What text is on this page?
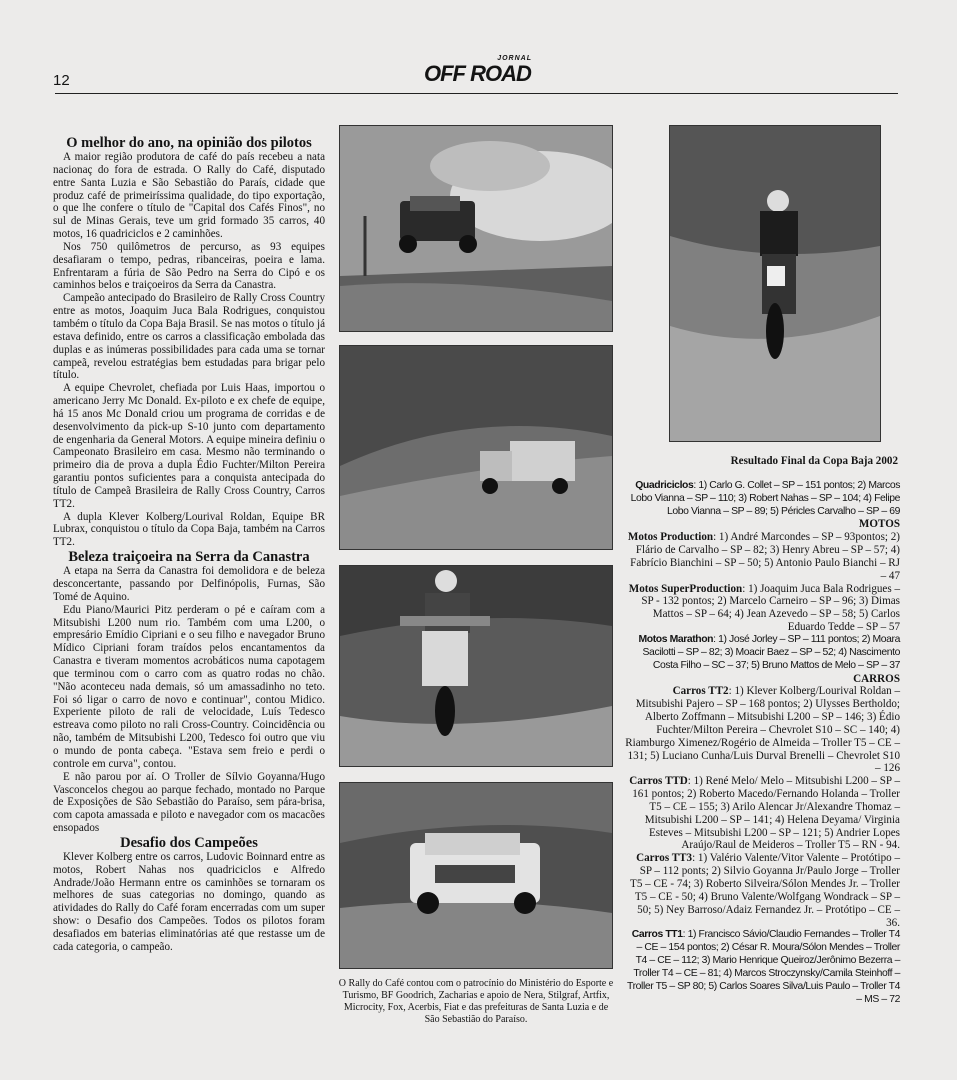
12
JORNAL
OFF ROAD
O melhor do ano, na opinião dos pilotos

A maior região produtora de café do país recebeu a nata nacionaç do fora de estrada. O Rally do Café, disputado entre Santa Luzia e São Sebastião do Paraís, cidade que produz café de primeiríssima qualidade, do tipo exportação, o que lhe confere o título de "Capital dos Cafés Finos", no sul de Minas Gerais, teve um grid formado 35 carros, 40 motos, 16 quadriciclos e 2 caminhões.

Nos 750 quilômetros de percurso, as 93 equipes desafiaram o tempo, pedras, ribanceiras, poeira e lama. Enfrentaram a fúria de São Pedro na Serra do Cipó e os caminhos belos e traiçoeiros da Serra da Canastra.

Campeão antecipado do Brasileiro de Rally Cross Country entre as motos, Joaquim Juca Bala Rodrigues, conquistou também o título da Copa Baja Brasil. Se nas motos o título já estava definido, entre os carros a classificação embolada das duplas e as inúmeras possibilidades para cada uma se tornar campeã, revelou estratégias bem estudadas para brigar pelo título.

A equipe Chevrolet, chefiada por Luis Haas, importou o americano Jerry Mc Donald. Ex-piloto e ex chefe de equipe, há 15 anos Mc Donald criou um programa de corridas e de desenvolvimento da pick-up S-10 junto com departamento de engenharia da General Motors. A equipe mineira definiu o Campeonato Brasileiro em casa. Mesmo não terminando o primeiro dia de prova a dupla Édio Fuchter/Milton Pereira garantiu pontos suficientes para a conquista antecipada do título de Campeã Brasileira de Rally Cross Country, Carros TT2.

A dupla Klever Kolberg/Lourival Roldan, Equipe BR Lubrax, conquistou o título da Copa Baja, também na Carros TT2.

Beleza traiçoeira na Serra da Canastra

A etapa na Serra da Canastra foi demolidora e de beleza desconcertante, passando por Delfinópolis, Furnas, São Tomé de Aquino.

Edu Piano/Maurici Pitz perderam o pé e caíram com a Mitsubishi L200 num rio. Também com uma L200, o empresário Emídio Cipriani e o seu filho e navegador Bruno Mídico Cipriani foram traídos pelos encantamentos da Canastra e tiveram momentos acrobáticos numa capotagem que terminou com o carro com as quatro rodas no chão. "Não aconteceu nada demais, só um amassadinho no teto. Foi só ligar o carro de novo e continuar", contou Midico. Experiente piloto de rali de velocidade, Luís Tedesco estreava como piloto no rali Cross-Country. Coincidência ou não, também de Mitsubishi L200, Tedesco foi outro que viu o mundo de ponta cabeça. "Estava sem freio e perdi o controle em curva", contou.

E não parou por aí. O Troller de Sílvio Goyanna/Hugo Vasconcelos chegou ao parque fechado, montado no Parque de Exposições de São Sebastião do Paraíso, sem pára-brisa, com capota amassada e piloto e navegador com os macacões ensopados

Desafio dos Campeões

Klever Kolberg entre os carros, Ludovic Boinnard entre as motos, Robert Nahas nos quadriciclos e Alfredo Andrade/João Hermann entre os caminhões se tornaram os melhores de suas categorias no domingo, quando as atividades do Rally do Café foram encerradas com um super show: o Desafio dos Campeões. Todos os pilotos foram desafiados em baterias eliminatórias até que restasse um de cada categoria, o campeão.

O Rally do Café contou com o patrocínio do Ministério do Esporte e Turismo, BF Goodrich, Zacharias e apoio de Nera, Stilgraf, Artfix, Microcity, Fox, Acerbis, Fiat e das prefeituras de Santa Luzia e de São Sebastião do Paraíso.
Resultado Final da Copa Baja 2002

Quadriciclos: 1) Carlo G. Collet – SP – 151 pontos; 2) Marcos Lobo Vianna – SP – 110; 3) Robert Nahas – SP – 104; 4) Felipe Lobo Vianna – SP – 89; 5) Péricles Carvalho – SP – 69

MOTOS

Motos Production: 1) André Marcondes – SP – 93pontos; 2) Flário de Carvalho – SP – 82; 3) Henry Abreu – SP – 57; 4) Fabrício Bianchini – SP – 50; 5) Antonio Paulo Bianchi – RJ – 47

Motos SuperProduction: 1) Joaquim Juca Bala Rodrigues – SP - 132 pontos; 2) Marcelo Carneiro – SP – 96; 3) Dimas Mattos – SP – 64; 4) Jean Azevedo – SP – 58; 5) Carlos Eduardo Tedde – SP – 57

Motos Marathon: 1) José Jorley – SP – 111 pontos; 2) Moara Sacilotti – SP – 82; 3) Moacir Baez – SP – 52; 4) Nascimento Costa Filho – SC – 37; 5) Bruno Mattos de Melo – SP – 37

CARROS

Carros TT2: 1) Klever Kolberg/Lourival Roldan – Mitsubishi Pajero – SP – 168 pontos; 2) Ulysses Bertholdo; Alberto Zoffmann – Mitsubishi L200 – SP – 146; 3) Édio Fuchter/Milton Pereira – Chevrolet S10 – SC – 140; 4) Riamburgo Ximenez/Rogério de Almeida – Troller T5 – CE – 131; 5) Luciano Cunha/Luis Durval Brenelli – Chevrolet S10 – 126

Carros TTD: 1) René Melo/ Melo – Mitsubishi L200 – SP – 161 pontos; 2) Roberto Macedo/Fernando Holanda – Troller T5 – CE – 155; 3) Arilo Alencar Jr/Alexandre Thomaz – Mitsubishi L200 – SP – 141; 4) Helena Deyama/ Virginia Esteves – Mitsubishi L200 – SP – 121; 5) Andrier Lopes Araújo/Raul de Meideros – Troller T5 – RN - 94.

Carros TT3: 1) Valério Valente/Vitor Valente – Protótipo – SP – 112 ponts; 2) Silvio Goyanna Jr/Paulo Jorge – Troller T5 – CE - 74; 3) Roberto Silveira/Sólon Mendes Jr. – Troller T5 – CE - 50; 4) Bruno Valente/Wolfgang Wondrack – SP – 50; 5) Ney Barroso/Adaiz Fernandez Jr. – Protótipo – CE – 36.

Carros TT1: 1) Francisco Sávio/Claudio Fernandes – Troller T4 – CE – 154 pontos; 2) César R. Moura/Sólon Mendes – Troller T4 – CE – 112; 3) Mario Henrique Queiroz/Jerônimo Bezerra – Troller T4 – CE – 81; 4) Marcos Stroczynsky/Camila Steinhoff – Troller T5 – SP 80; 5) Carlos Soares Silva/Luis Paulo – Troller T4 – MS – 72
